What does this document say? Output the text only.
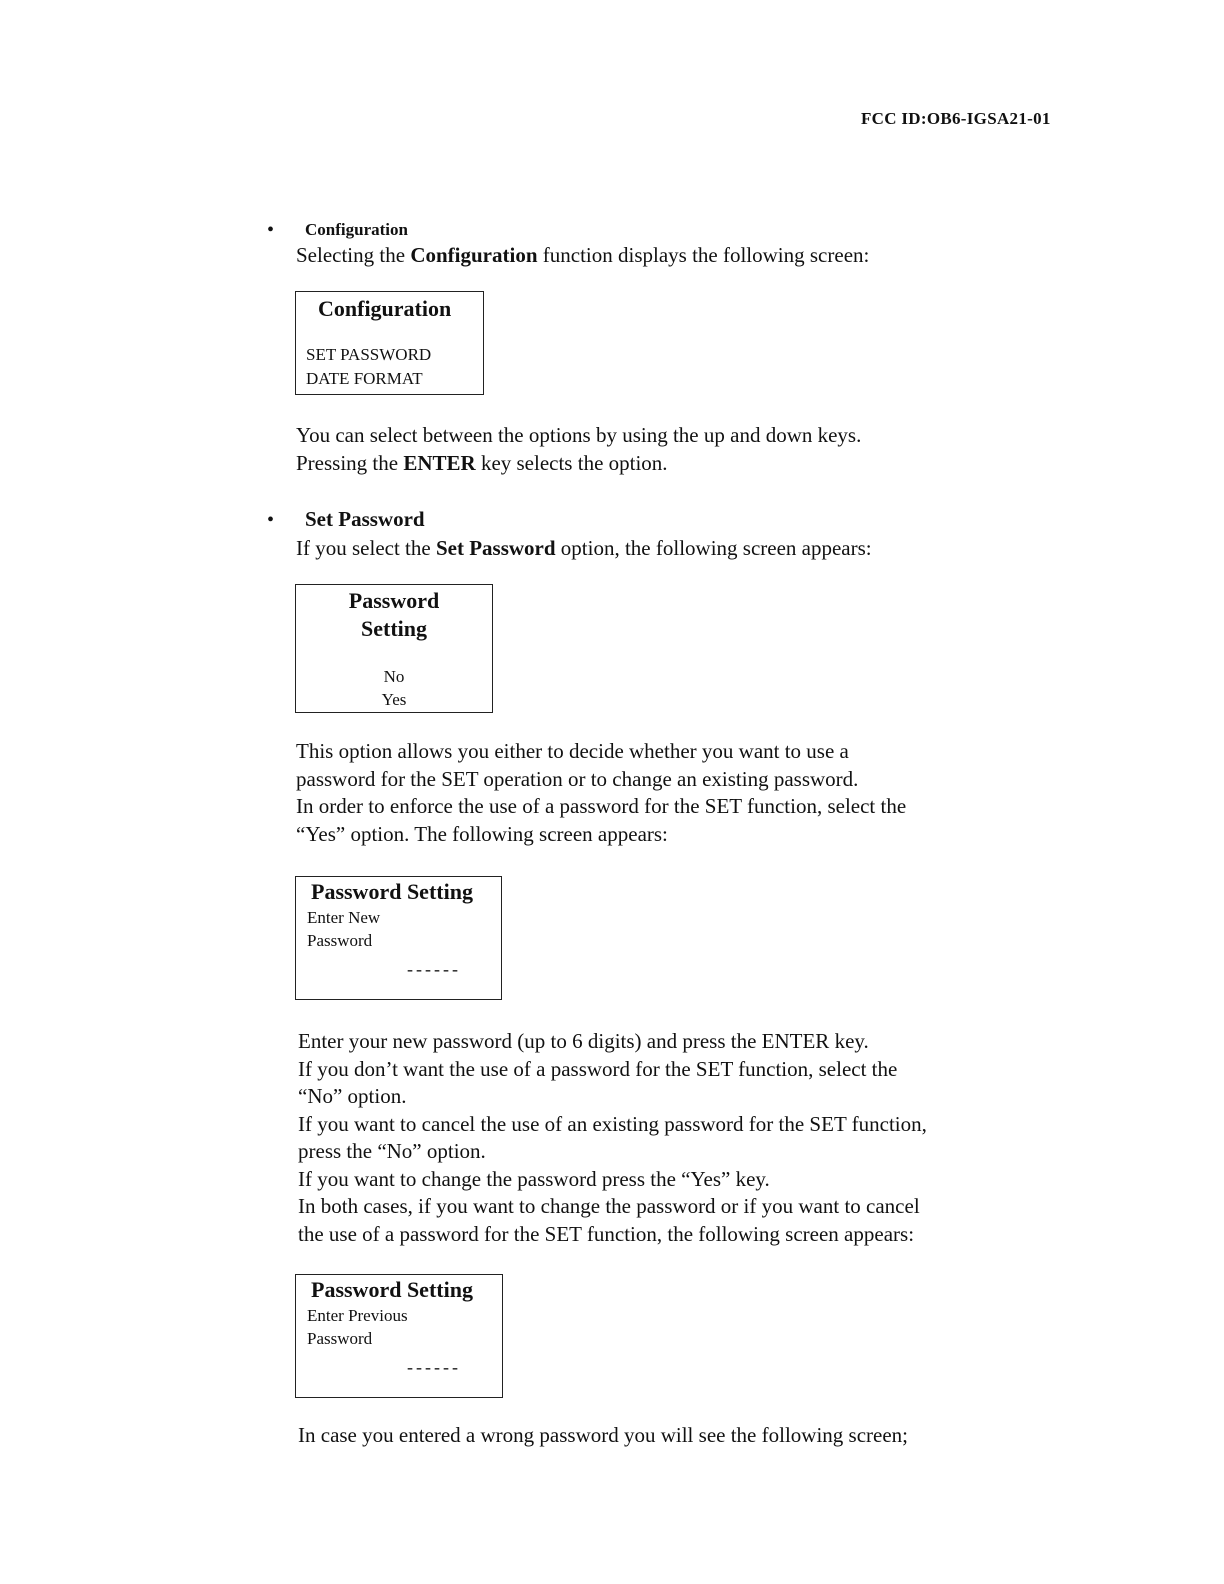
FCC ID:OB6-IGSA21-01
• Configuration
Selecting the Configuration function displays the following screen:
Configuration
SET PASSWORD
DATE FORMAT
You can select between the options by using the up and down keys.
Pressing the ENTER key selects the option.
• Set Password
If you select the Set Password option, the following screen appears:
Password
Setting
No
Yes
This option allows you either to decide whether you want to use a
password for the SET operation or to change an existing password.
In order to enforce the use of a password for the SET function, select the
“Yes” option. The following screen appears:
Password Setting
Enter New
Password
------
Enter your new password (up to 6 digits) and press the ENTER key.
If you don’t want the use of a password for the SET function, select the
“No” option.
If you want to cancel the use of an existing password for the SET function,
press the “No” option.
If you want to change the password press the “Yes” key.
In both cases, if you want to change the password or if you want to cancel
the use of a password for the SET function, the following screen appears:
Password Setting
Enter Previous
Password
------
In case you entered a wrong password you will see the following screen;
